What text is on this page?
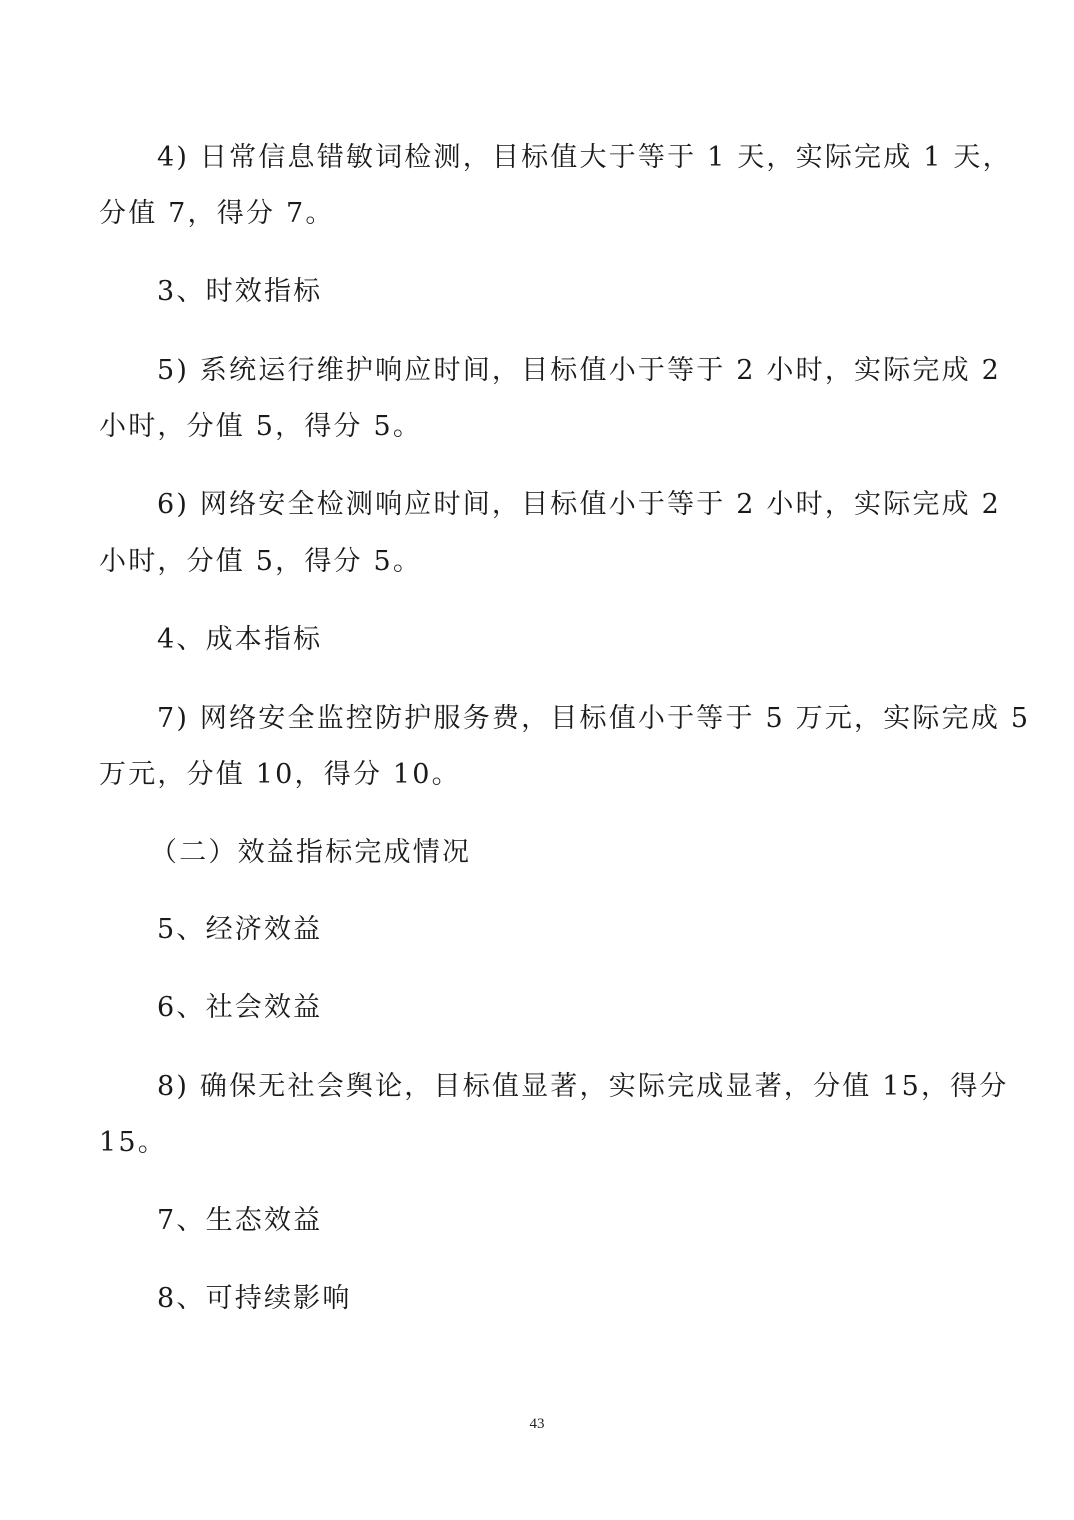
4) 日常信息错敏词检测，目标值大于等于 1 天，实际完成 1 天，
分值 7，得分 7。
3、时效指标
5) 系统运行维护响应时间，目标值小于等于 2 小时，实际完成 2
小时，分值 5，得分 5。
6) 网络安全检测响应时间，目标值小于等于 2 小时，实际完成 2
小时，分值 5，得分 5。
4、成本指标
7) 网络安全监控防护服务费，目标值小于等于 5 万元，实际完成 5
万元，分值 10，得分 10。
（二）效益指标完成情况
5、经济效益
6、社会效益
8) 确保无社会舆论，目标值显著，实际完成显著，分值 15，得分
15。
7、生态效益
8、可持续影响
43
